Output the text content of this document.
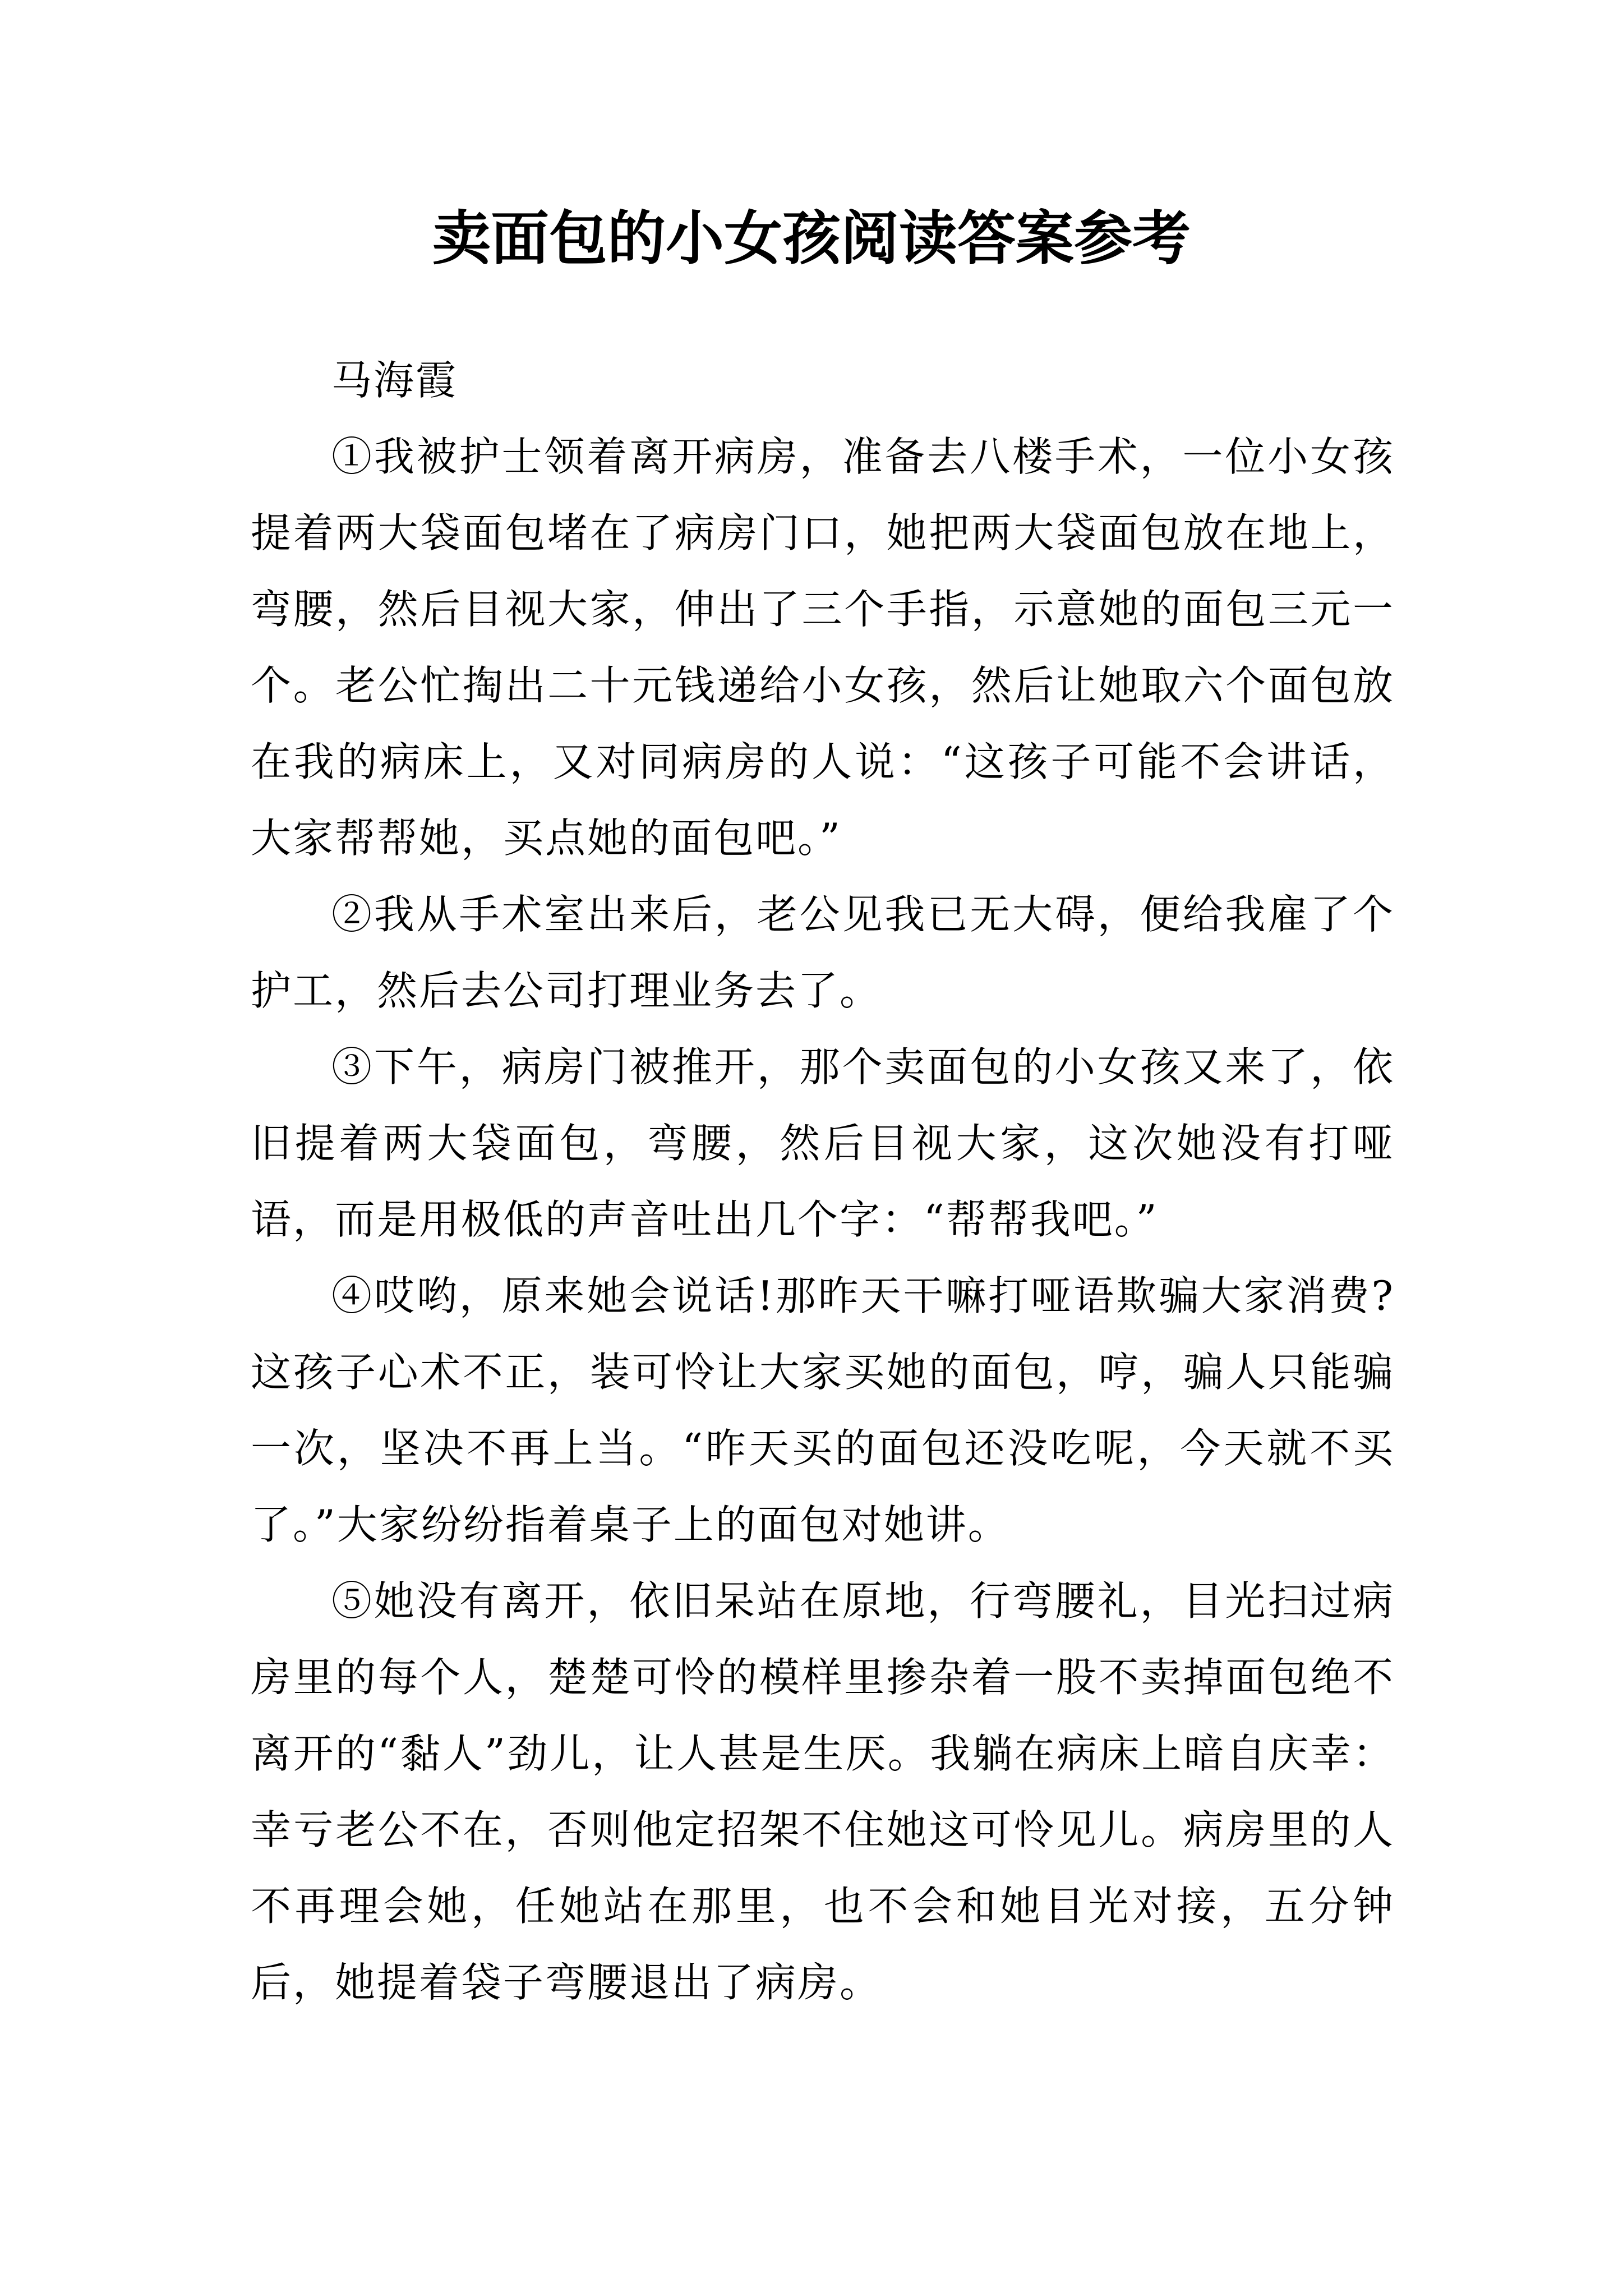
卖面包的小女孩阅读答案参考

马海霞

①我被护士领着离开病房，准备去八楼手术，一位小女孩提着两大袋面包堵在了病房门口，她把两大袋面包放在地上，弯腰，然后目视大家，伸出了三个手指，示意她的面包三元一个。老公忙掏出二十元钱递给小女孩，然后让她取六个面包放在我的病床上，又对同病房的人说：“这孩子可能不会讲话，大家帮帮她，买点她的面包吧。”

②我从手术室出来后，老公见我已无大碍，便给我雇了个护工，然后去公司打理业务去了。

③下午，病房门被推开，那个卖面包的小女孩又来了，依旧提着两大袋面包，弯腰，然后目视大家，这次她没有打哑语，而是用极低的声音吐出几个字：“帮帮我吧。”

④哎哟，原来她会说话!那昨天干嘛打哑语欺骗大家消费?这孩子心术不正，装可怜让大家买她的面包，哼，骗人只能骗一次，坚决不再上当。“昨天买的面包还没吃呢，今天就不买了。”大家纷纷指着桌子上的面包对她讲。

⑤她没有离开，依旧呆站在原地，行弯腰礼，目光扫过病房里的每个人，楚楚可怜的模样里掺杂着一股不卖掉面包绝不离开的“黏人”劲儿，让人甚是生厌。我躺在病床上暗自庆幸：幸亏老公不在，否则他定招架不住她这可怜见儿。病房里的人不再理会她，任她站在那里，也不会和她目光对接，五分钟后，她提着袋子弯腰退出了病房。
